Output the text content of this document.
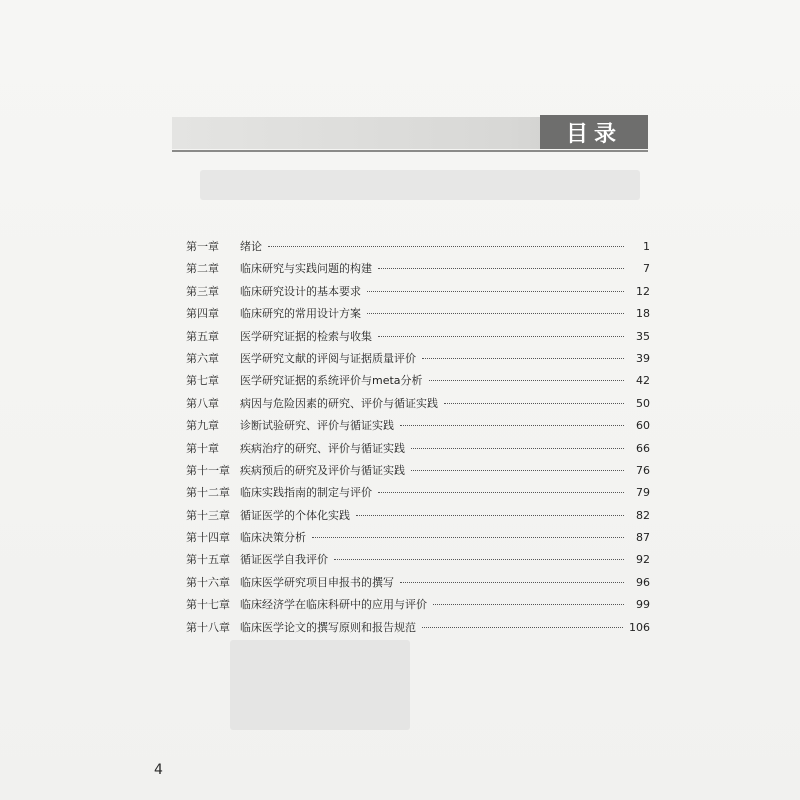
目录
第一章	绪论	1
第二章	临床研究与实践问题的构建	7
第三章	临床研究设计的基本要求	12
第四章	临床研究的常用设计方案	18
第五章	医学研究证据的检索与收集	35
第六章	医学研究文献的评阅与证据质量评价	39
第七章	医学研究证据的系统评价与meta分析	42
第八章	病因与危险因素的研究、评价与循证实践	50
第九章	诊断试验研究、评价与循证实践	60
第十章	疾病治疗的研究、评价与循证实践	66
第十一章 疾病预后的研究及评价与循证实践	76
第十二章 临床实践指南的制定与评价	79
第十三章 循证医学的个体化实践	82
第十四章 临床决策分析	87
第十五章 循证医学自我评价	92
第十六章 临床医学研究项目申报书的撰写	96
第十七章 临床经济学在临床科研中的应用与评价	99
第十八章 临床医学论文的撰写原则和报告规范	106
4
